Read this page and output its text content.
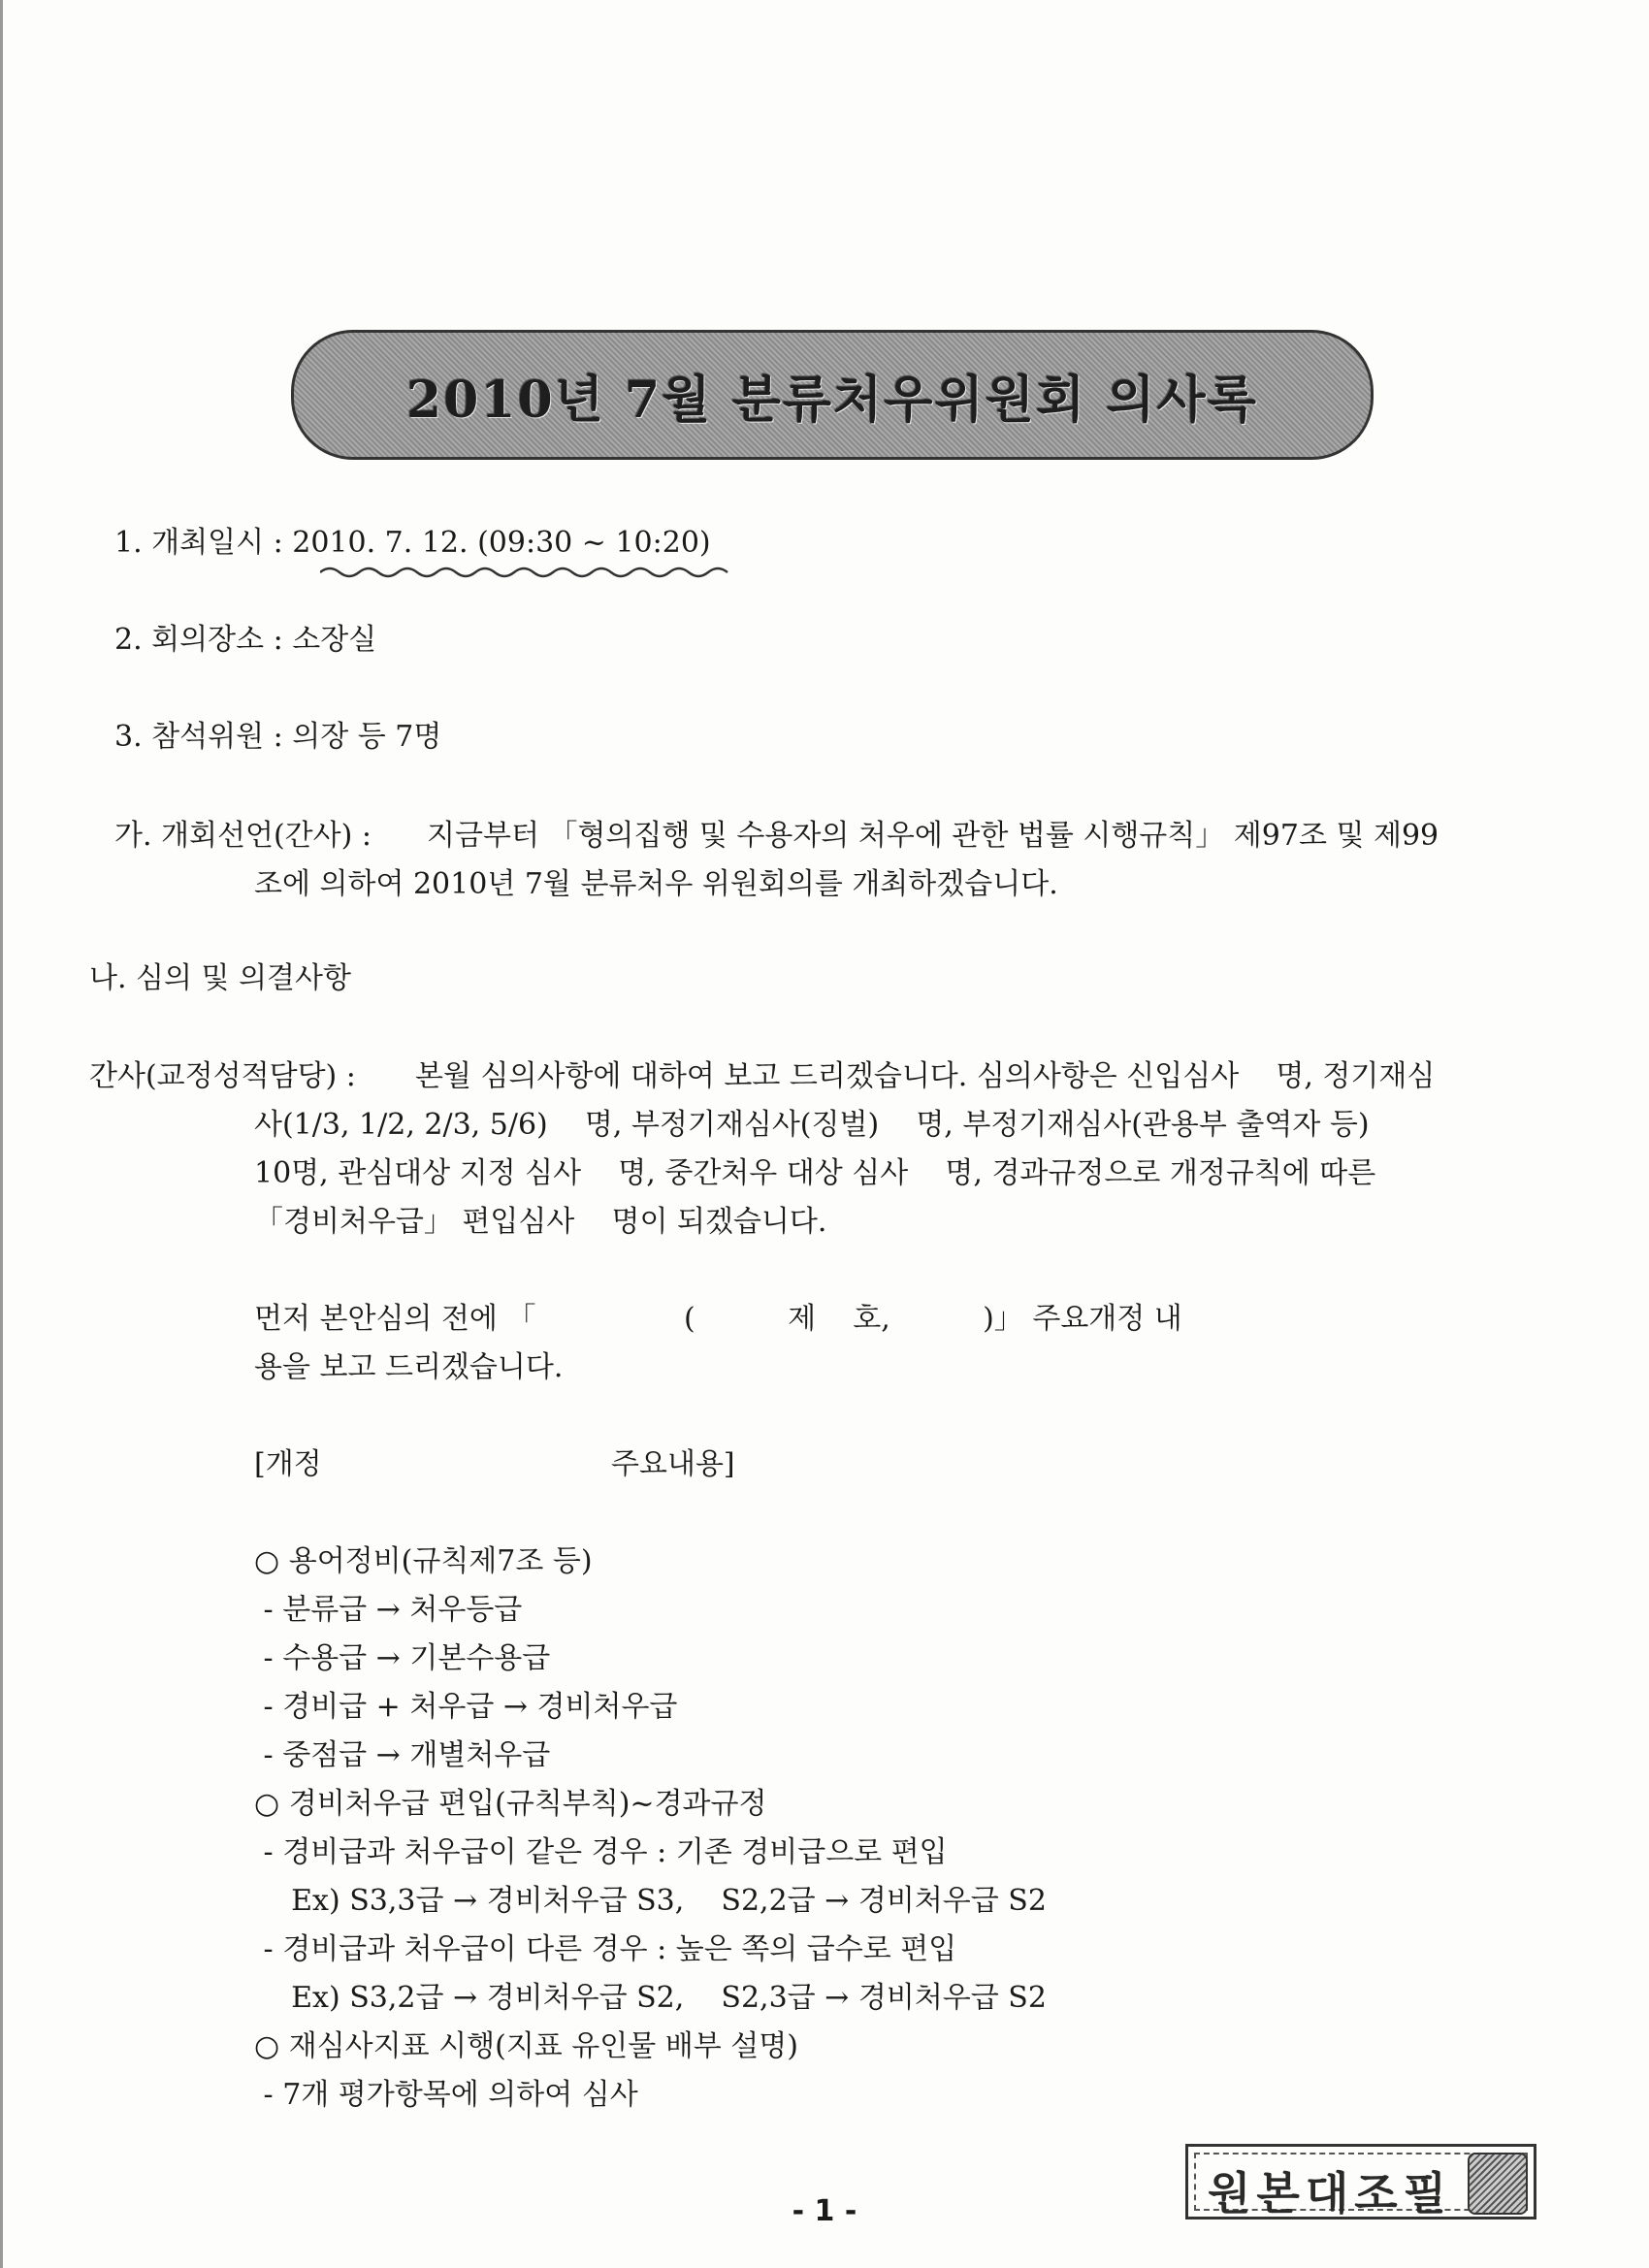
2010년 7월 분류처우위원회 의사록
1. 개최일시 : 2010. 7. 12. (09:30 ~ 10:20)
2. 회의장소 : 소장실
3. 참석위원 : 의장 등 7명
가. 개회선언(간사) : 지금부터 「형의집행 및 수용자의 처우에 관한 법률 시행규칙」 제97조 및 제99
조에 의하여 2010년 7월 분류처우 위원회의를 개최하겠습니다.
나. 심의 및 의결사항
간사(교정성적담당) : 본월 심의사항에 대하여 보고 드리겠습니다. 심의사항은 신입심사    명, 정기재심
사(1/3, 1/2, 2/3, 5/6)    명, 부정기재심사(징벌)    명, 부정기재심사(관용부 출역자 등)
10명, 관심대상 지정 심사    명, 중간처우 대상 심사    명, 경과규정으로 개정규칙에 따른
「경비처우급」 편입심사    명이 되겠습니다.
먼저 본안심의 전에 「                (          제    호,          )」 주요개정 내
용을 보고 드리겠습니다.
[개정	주요내용]
○ 용어정비(규칙제7조 등)
- 분류급 → 처우등급
- 수용급 → 기본수용급
- 경비급 + 처우급 → 경비처우급
- 중점급 → 개별처우급
○ 경비처우급 편입(규칙부칙)~경과규정
- 경비급과 처우급이 같은 경우 : 기존 경비급으로 편입
Ex) S3,3급 → 경비처우급 S3,    S2,2급 → 경비처우급 S2
- 경비급과 처우급이 다른 경우 : 높은 쪽의 급수로 편입
Ex) S3,2급 → 경비처우급 S2,    S2,3급 → 경비처우급 S2
○ 재심사지표 시행(지표 유인물 배부 설명)
- 7개 평가항목에 의하여 심사
원본대조필
- 1 -
